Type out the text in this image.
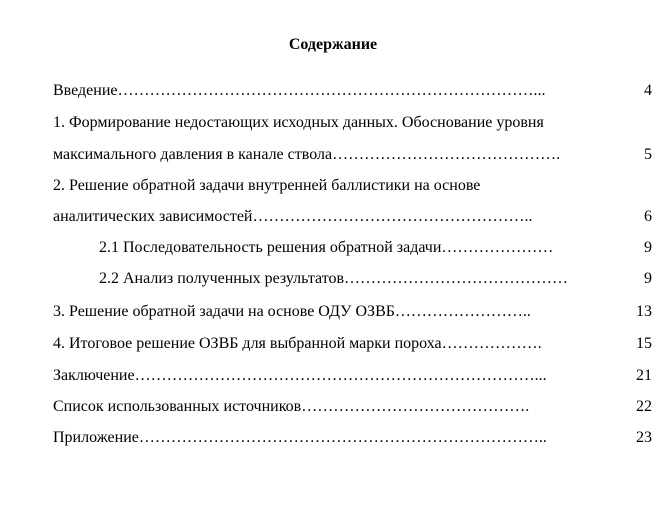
Содержание
Введение……………………………………………………………………...	4
1. Формирование недостающих исходных данных. Обоснование уровня
максимального давления в канале ствола…………………………………….	5
2. Решение обратной задачи внутренней баллистики на основе
аналитических зависимостей……………………………………………..	6
2.1 Последовательность решения обратной задачи…………………	9
2.2 Анализ полученных результатов……………………………………	9
3. Решение обратной задачи на основе ОДУ ОЗВБ……………………..	13
4. Итоговое решение ОЗВБ для выбранной марки пороха……………….	15
Заключение…………………………………………………………………...	21
Список использованных источников…………………………………….	22
Приложение…………………………………………………………………..	23
